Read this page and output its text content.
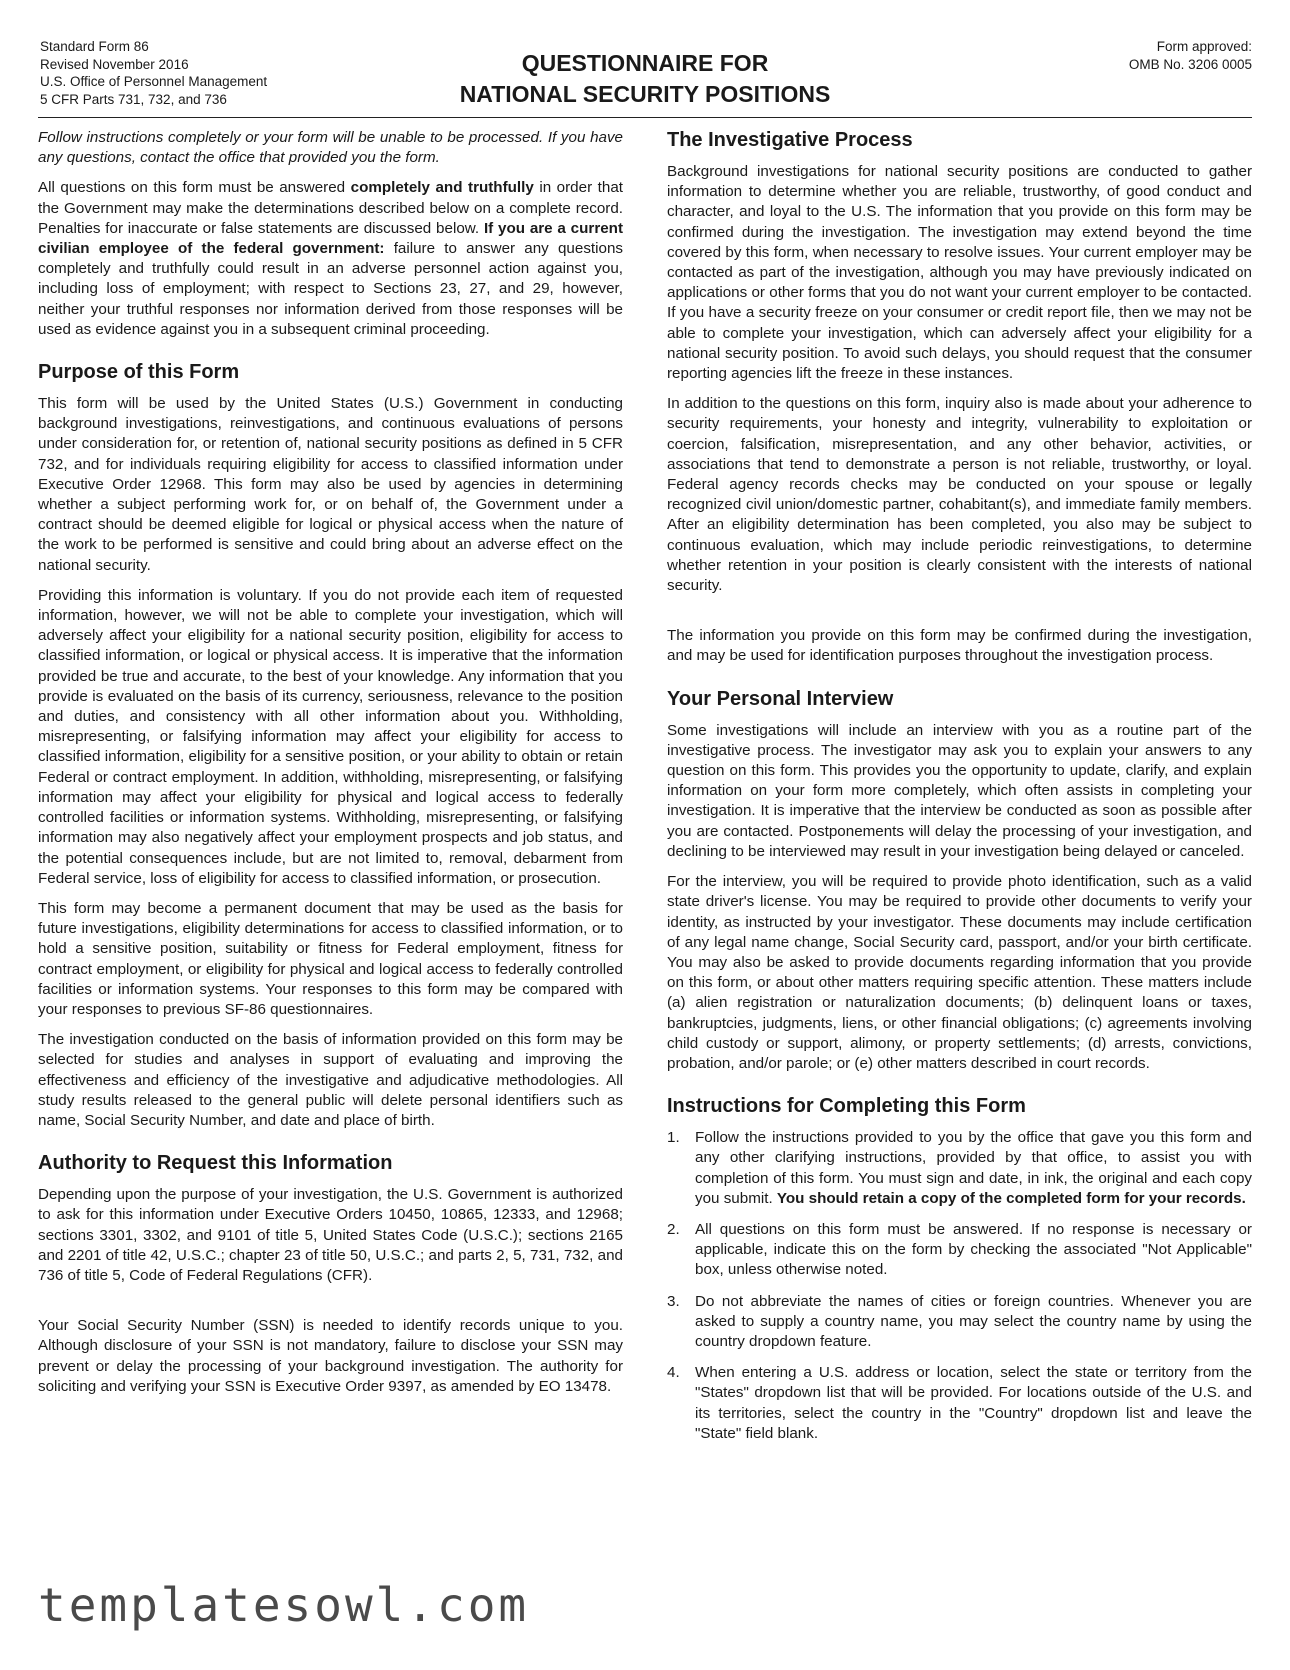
Standard Form 86
Revised November 2016
U.S. Office of Personnel Management
5 CFR Parts 731, 732, and 736
QUESTIONNAIRE FOR
NATIONAL SECURITY POSITIONS
Form approved:
OMB No. 3206 0005

Follow instructions completely or your form will be unable to be processed. If you have any questions, contact the office that provided you the form.

All questions on this form must be answered completely and truthfully in order that the Government may make the determinations described below on a complete record. Penalties for inaccurate or false statements are discussed below. If you are a current civilian employee of the federal government: failure to answer any questions completely and truthfully could result in an adverse personnel action against you, including loss of employment; with respect to Sections 23, 27, and 29, however, neither your truthful responses nor information derived from those responses will be used as evidence against you in a subsequent criminal proceeding.

Purpose of this Form

This form will be used by the United States (U.S.) Government in conducting background investigations, reinvestigations, and continuous evaluations of persons under consideration for, or retention of, national security positions as defined in 5 CFR 732, and for individuals requiring eligibility for access to classified information under Executive Order 12968. This form may also be used by agencies in determining whether a subject performing work for, or on behalf of, the Government under a contract should be deemed eligible for logical or physical access when the nature of the work to be performed is sensitive and could bring about an adverse effect on the national security.

Providing this information is voluntary. If you do not provide each item of requested information, however, we will not be able to complete your investigation, which will adversely affect your eligibility for a national security position, eligibility for access to classified information, or logical or physical access. It is imperative that the information provided be true and accurate, to the best of your knowledge. Any information that you provide is evaluated on the basis of its currency, seriousness, relevance to the position and duties, and consistency with all other information about you. Withholding, misrepresenting, or falsifying information may affect your eligibility for access to classified information, eligibility for a sensitive position, or your ability to obtain or retain Federal or contract employment. In addition, withholding, misrepresenting, or falsifying information may affect your eligibility for physical and logical access to federally controlled facilities or information systems. Withholding, misrepresenting, or falsifying information may also negatively affect your employment prospects and job status, and the potential consequences include, but are not limited to, removal, debarment from Federal service, loss of eligibility for access to classified information, or prosecution.

This form may become a permanent document that may be used as the basis for future investigations, eligibility determinations for access to classified information, or to hold a sensitive position, suitability or fitness for Federal employment, fitness for contract employment, or eligibility for physical and logical access to federally controlled facilities or information systems. Your responses to this form may be compared with your responses to previous SF-86 questionnaires.

The investigation conducted on the basis of information provided on this form may be selected for studies and analyses in support of evaluating and improving the effectiveness and efficiency of the investigative and adjudicative methodologies. All study results released to the general public will delete personal identifiers such as name, Social Security Number, and date and place of birth.

Authority to Request this Information

Depending upon the purpose of your investigation, the U.S. Government is authorized to ask for this information under Executive Orders 10450, 10865, 12333, and 12968; sections 3301, 3302, and 9101 of title 5, United States Code (U.S.C.); sections 2165 and 2201 of title 42, U.S.C.; chapter 23 of title 50, U.S.C.; and parts 2, 5, 731, 732, and 736 of title 5, Code of Federal Regulations (CFR).

Your Social Security Number (SSN) is needed to identify records unique to you. Although disclosure of your SSN is not mandatory, failure to disclose your SSN may prevent or delay the processing of your background investigation. The authority for soliciting and verifying your SSN is Executive Order 9397, as amended by EO 13478.

The Investigative Process

Background investigations for national security positions are conducted to gather information to determine whether you are reliable, trustworthy, of good conduct and character, and loyal to the U.S. The information that you provide on this form may be confirmed during the investigation. The investigation may extend beyond the time covered by this form, when necessary to resolve issues. Your current employer may be contacted as part of the investigation, although you may have previously indicated on applications or other forms that you do not want your current employer to be contacted. If you have a security freeze on your consumer or credit report file, then we may not be able to complete your investigation, which can adversely affect your eligibility for a national security position. To avoid such delays, you should request that the consumer reporting agencies lift the freeze in these instances.

In addition to the questions on this form, inquiry also is made about your adherence to security requirements, your honesty and integrity, vulnerability to exploitation or coercion, falsification, misrepresentation, and any other behavior, activities, or associations that tend to demonstrate a person is not reliable, trustworthy, or loyal. Federal agency records checks may be conducted on your spouse or legally recognized civil union/domestic partner, cohabitant(s), and immediate family members. After an eligibility determination has been completed, you also may be subject to continuous evaluation, which may include periodic reinvestigations, to determine whether retention in your position is clearly consistent with the interests of national security.

The information you provide on this form may be confirmed during the investigation, and may be used for identification purposes throughout the investigation process.

Your Personal Interview

Some investigations will include an interview with you as a routine part of the investigative process. The investigator may ask you to explain your answers to any question on this form. This provides you the opportunity to update, clarify, and explain information on your form more completely, which often assists in completing your investigation. It is imperative that the interview be conducted as soon as possible after you are contacted. Postponements will delay the processing of your investigation, and declining to be interviewed may result in your investigation being delayed or canceled.

For the interview, you will be required to provide photo identification, such as a valid state driver's license. You may be required to provide other documents to verify your identity, as instructed by your investigator. These documents may include certification of any legal name change, Social Security card, passport, and/or your birth certificate. You may also be asked to provide documents regarding information that you provide on this form, or about other matters requiring specific attention. These matters include (a) alien registration or naturalization documents; (b) delinquent loans or taxes, bankruptcies, judgments, liens, or other financial obligations; (c) agreements involving child custody or support, alimony, or property settlements; (d) arrests, convictions, probation, and/or parole; or (e) other matters described in court records.

Instructions for Completing this Form
1. Follow the instructions provided to you by the office that gave you this form and any other clarifying instructions, provided by that office, to assist you with completion of this form. You must sign and date, in ink, the original and each copy you submit. You should retain a copy of the completed form for your records.
2. All questions on this form must be answered. If no response is necessary or applicable, indicate this on the form by checking the associated "Not Applicable" box, unless otherwise noted.
3. Do not abbreviate the names of cities or foreign countries. Whenever you are asked to supply a country name, you may select the country name by using the country dropdown feature.
4. When entering a U.S. address or location, select the state or territory from the "States" dropdown list that will be provided. For locations outside of the U.S. and its territories, select the country in the "Country" dropdown list and leave the "State" field blank.
templatesowl.com
